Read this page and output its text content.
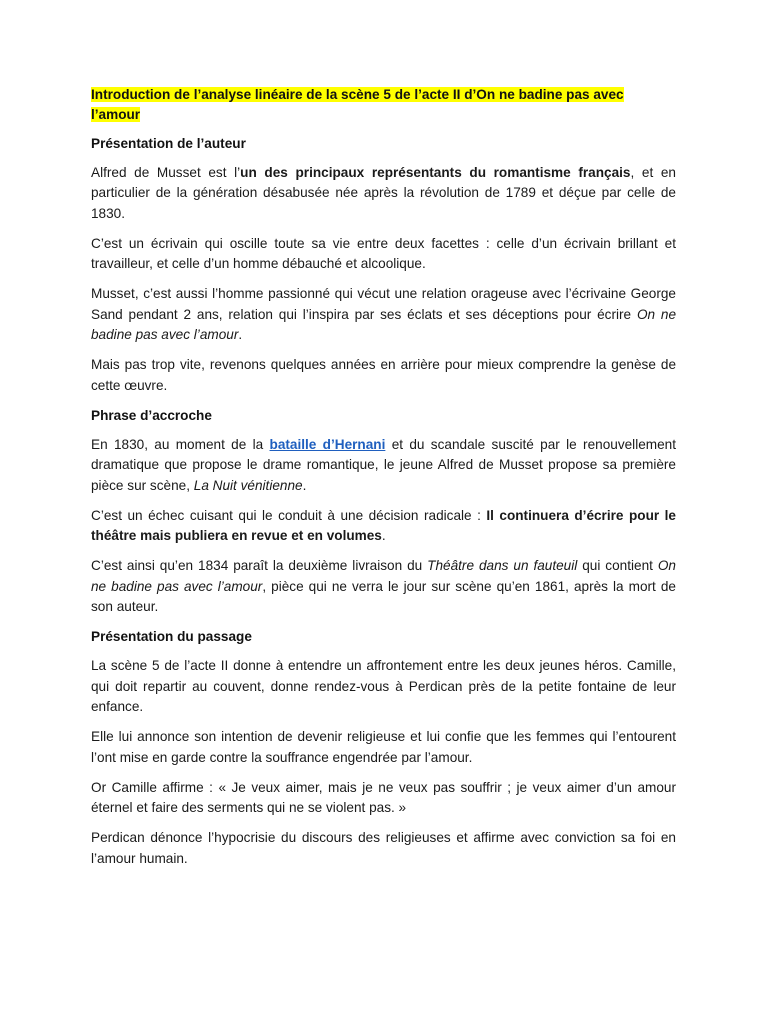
Introduction de l’analyse linéaire de la scène 5 de l’acte II d’On ne badine pas avec l’amour
Présentation de l’auteur

Alfred de Musset est l’un des principaux représentants du romantisme français, et en particulier de la génération désabusée née après la révolution de 1789 et déçue par celle de 1830.

C’est un écrivain qui oscille toute sa vie entre deux facettes : celle d’un écrivain brillant et travailleur, et celle d’un homme débauché et alcoolique.

Musset, c’est aussi l’homme passionné qui vécut une relation orageuse avec l’écrivaine George Sand pendant 2 ans, relation qui l’inspira par ses éclats et ses déceptions pour écrire On ne badine pas avec l’amour.

Mais pas trop vite, revenons quelques années en arrière pour mieux comprendre la genèse de cette œuvre.

Phrase d’accroche

En 1830, au moment de la bataille d’Hernani et du scandale suscité par le renouvellement dramatique que propose le drame romantique, le jeune Alfred de Musset propose sa première pièce sur scène, La Nuit vénitienne.

C’est un échec cuisant qui le conduit à une décision radicale : Il continuera d’écrire pour le théâtre mais publiera en revue et en volumes.

C’est ainsi qu’en 1834 paraît la deuxième livraison du Théâtre dans un fauteuil qui contient On ne badine pas avec l’amour, pièce qui ne verra le jour sur scène qu’en 1861, après la mort de son auteur.

Présentation du passage

La scène 5 de l’acte II donne à entendre un affrontement entre les deux jeunes héros. Camille, qui doit repartir au couvent, donne rendez-vous à Perdican près de la petite fontaine de leur enfance.

Elle lui annonce son intention de devenir religieuse et lui confie que les femmes qui l’entourent l’ont mise en garde contre la souffrance engendrée par l’amour.

Or Camille affirme : « Je veux aimer, mais je ne veux pas souffrir ; je veux aimer d’un amour éternel et faire des serments qui ne se violent pas. »

Perdican dénonce l’hypocrisie du discours des religieuses et affirme avec conviction sa foi en l’amour humain.
